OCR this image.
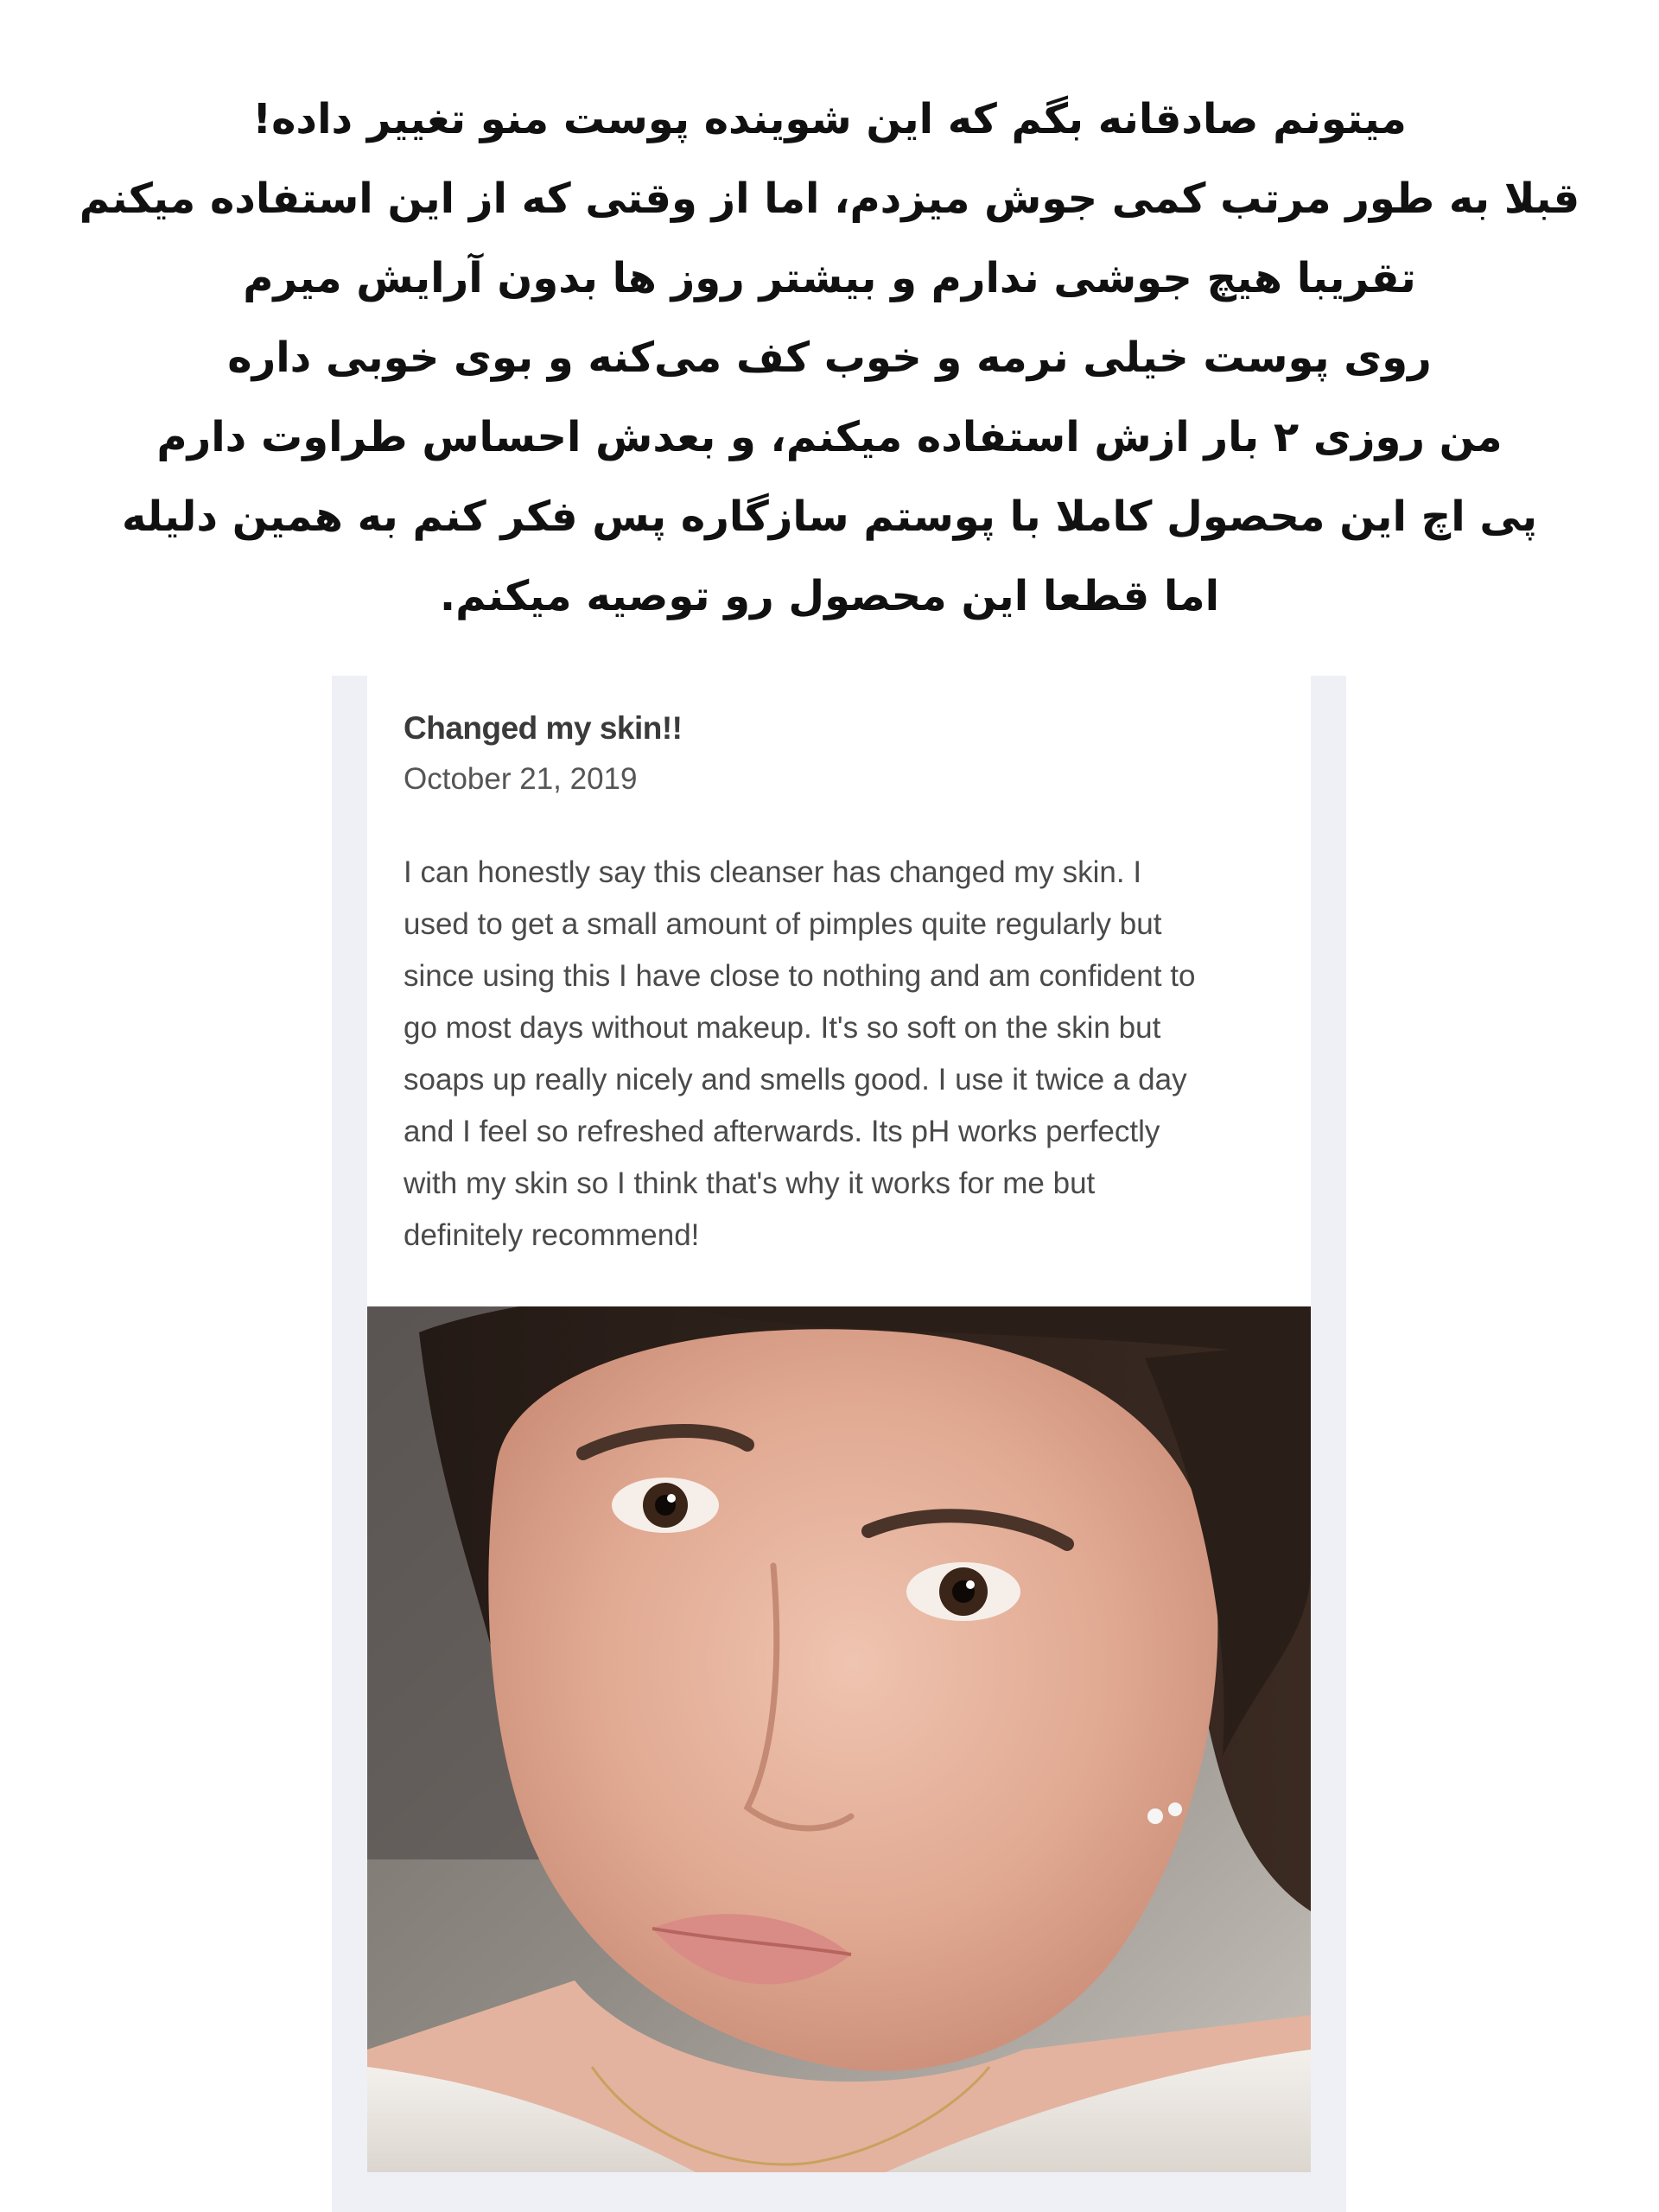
میتونم صادقانه بگم که این شوینده پوست منو تغییر داده!
قبلا به طور مرتب کمی جوش میزدم، اما از وقتی که از این استفاده میکنم
تقریبا هیچ جوشی ندارم و بیشتر روز ها بدون آرایش میرم
روی پوست خیلی نرمه و خوب کف می‌کنه و بوی خوبی داره
من روزی ۲ بار ازش استفاده میکنم، و بعدش احساس طراوت دارم
پی اچ این محصول کاملا با پوستم سازگاره پس فکر کنم به همین دلیله
اما قطعا این محصول رو توصیه میکنم.
Changed my skin!!
October 21, 2019
I can honestly say this cleanser has changed my skin. I
used to get a small amount of pimples quite regularly but
since using this I have close to nothing and am confident to
go most days without makeup. It's so soft on the skin but
soaps up really nicely and smells good. I use it twice a day
and I feel so refreshed afterwards. Its pH works perfectly
with my skin so I think that's why it works for me but
definitely recommend!
